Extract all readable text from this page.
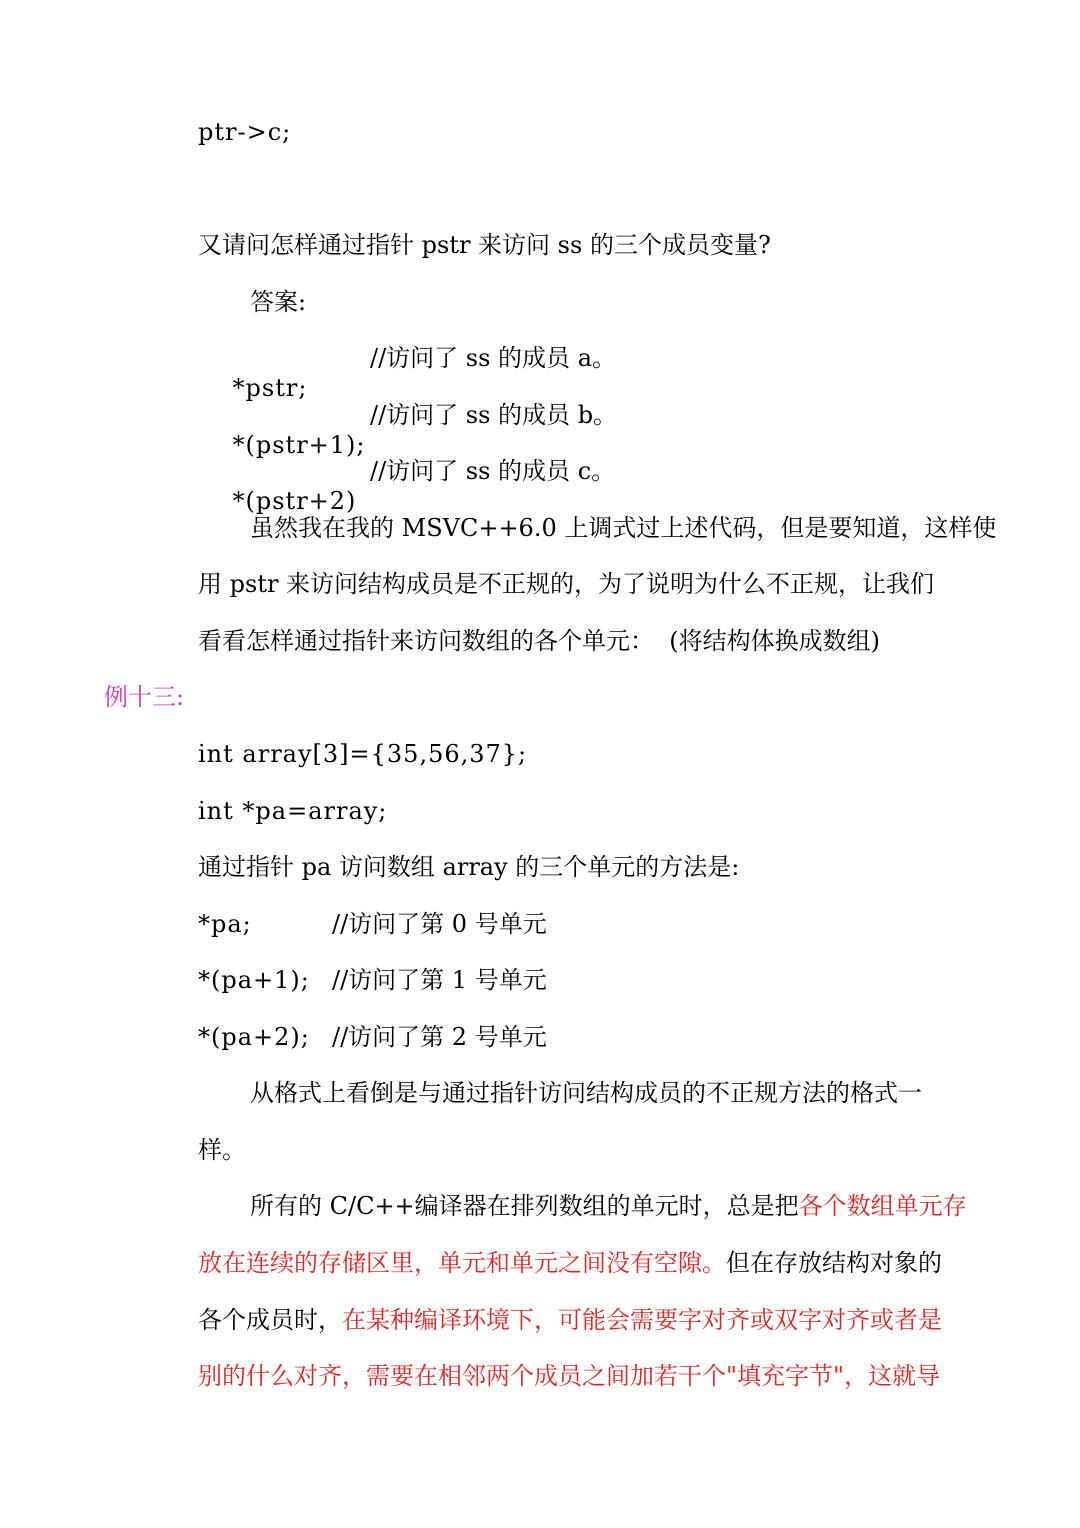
ptr->c;
又请问怎样通过指针 pstr 来访问 ss 的三个成员变量?
答案:

*pstr;

//访问了 ss 的成员 a。

*(pstr+1);

//访问了 ss 的成员 b。

*(pstr+2)

//访问了 ss 的成员 c。
虽然我在我的 MSVC++6.0 上调式过上述代码，但是要知道，这样使
用 pstr 来访问结构成员是不正规的，为了说明为什么不正规，让我们
看看怎样通过指针来访问数组的各个单元：  (将结构体换成数组)
例十三:
int array[3]={35,56,37};
int *pa=array;
通过指针 pa 访问数组 array 的三个单元的方法是:
*pa;	//访问了第 0 号单元
*(pa+1); //访问了第 1 号单元
*(pa+2); //访问了第 2 号单元
从格式上看倒是与通过指针访问结构成员的不正规方法的格式一
样。
所有的 C/C++编译器在排列数组的单元时，总是把各个数组单元存
放在连续的存储区里，单元和单元之间没有空隙。但在存放结构对象的
各个成员时，在某种编译环境下，可能会需要字对齐或双字对齐或者是
别的什么对齐，需要在相邻两个成员之间加若干个"填充字节"，这就导
